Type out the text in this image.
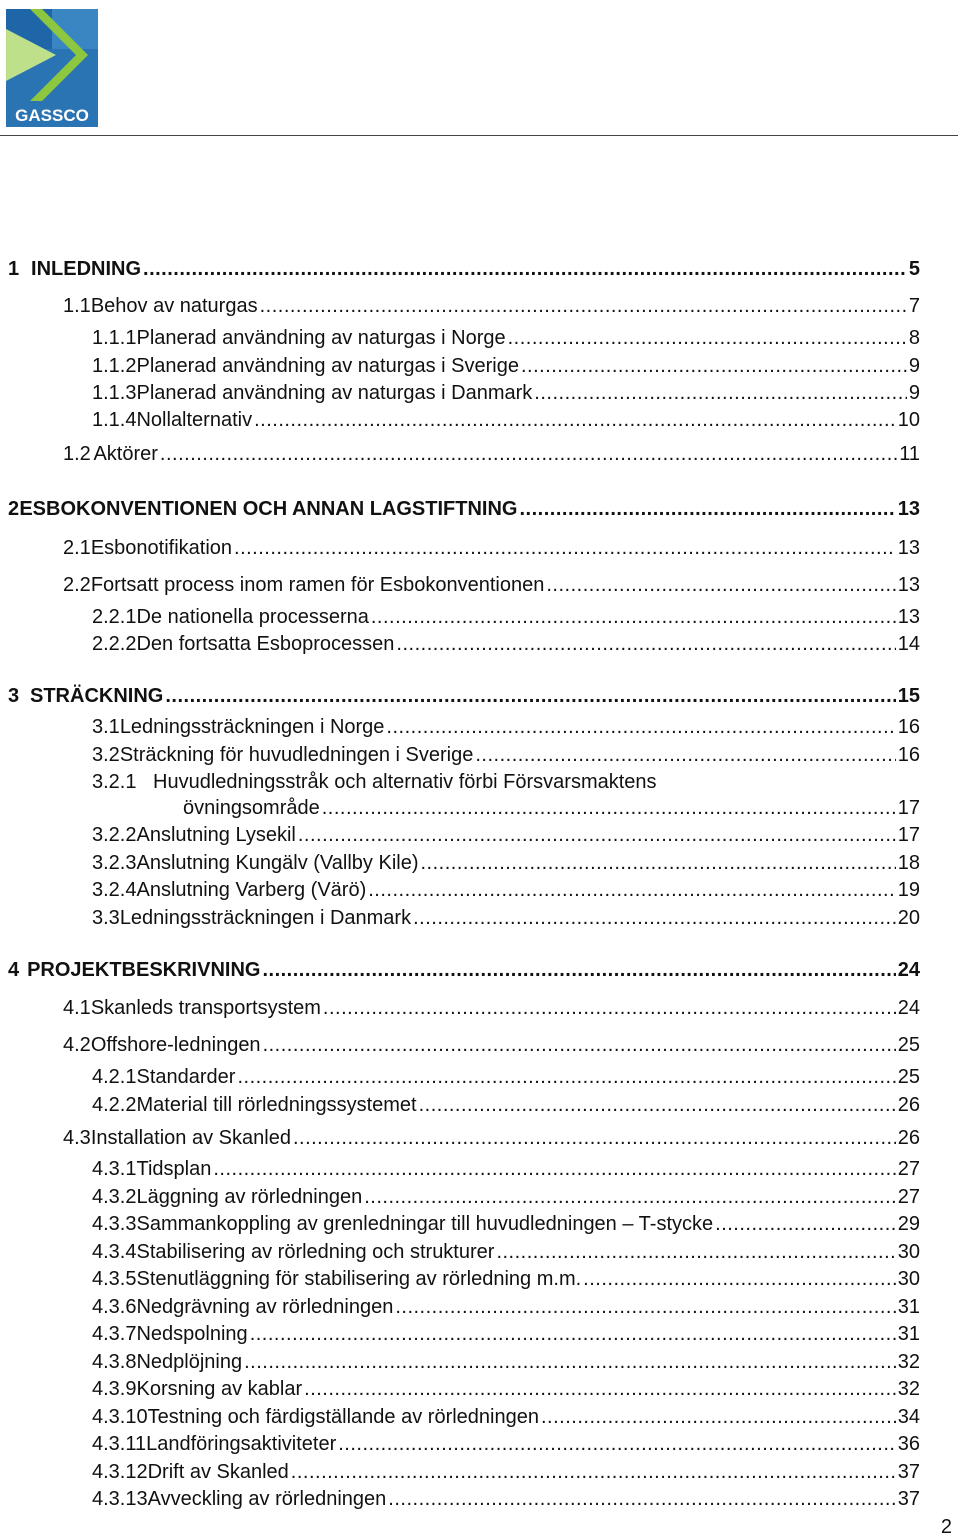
GASSCO
1 INLEDNING .....	5
1.1 Behov av naturgas .....	7
1.1.1 Planerad användning av naturgas i Norge .....	8
1.1.2 Planerad användning av naturgas i Sverige .....	9
1.1.3 Planerad användning av naturgas i Danmark .....	9
1.1.4 Nollalternativ .....	10
1.2 Aktörer .....	11
2 ESBOKONVENTIONEN OCH ANNAN LAGSTIFTNING .....	13
2.1 Esbonotifikation .....	13
2.2 Fortsatt process inom ramen för Esbokonventionen .....	13
2.2.1 De nationella processerna .....	13
2.2.2 Den fortsatta Esboprocessen .....	14
3 STRÄCKNING .....	15
3.1 Ledningssträckningen i Norge .....	16
3.2 Sträckning för huvudledningen i Sverige .....	16
3.2.1 Huvudledningsstråk och alternativ förbi Försvarsmaktens
övningsområde .....	17
3.2.2 Anslutning Lysekil .....	17
3.2.3 Anslutning Kungälv (Vallby Kile) .....	18
3.2.4 Anslutning Varberg (Värö) .....	19
3.3 Ledningssträckningen i Danmark .....	20
4 PROJEKTBESKRIVNING .....	24
4.1 Skanleds transportsystem .....	24
4.2 Offshore-ledningen .....	25
4.2.1 Standarder .....	25
4.2.2 Material till rörledningssystemet .....	26
4.3 Installation av Skanled .....	26
4.3.1 Tidsplan .....	27
4.3.2 Läggning av rörledningen .....	27
4.3.3 Sammankoppling av grenledningar till huvudledningen – T-stycke .....	29
4.3.4 Stabilisering av rörledning och strukturer .....	30
4.3.5 Stenutläggning för stabilisering av rörledning m.m. .....	30
4.3.6 Nedgrävning av rörledningen .....	31
4.3.7 Nedspolning .....	31
4.3.8 Nedplöjning .....	32
4.3.9 Korsning av kablar .....	32
4.3.10 Testning och färdigställande av rörledningen .....	34
4.3.11 Landföringsaktiviteter .....	36
4.3.12 Drift av Skanled .....	37
4.3.13 Avveckling av rörledningen .....	37
2
